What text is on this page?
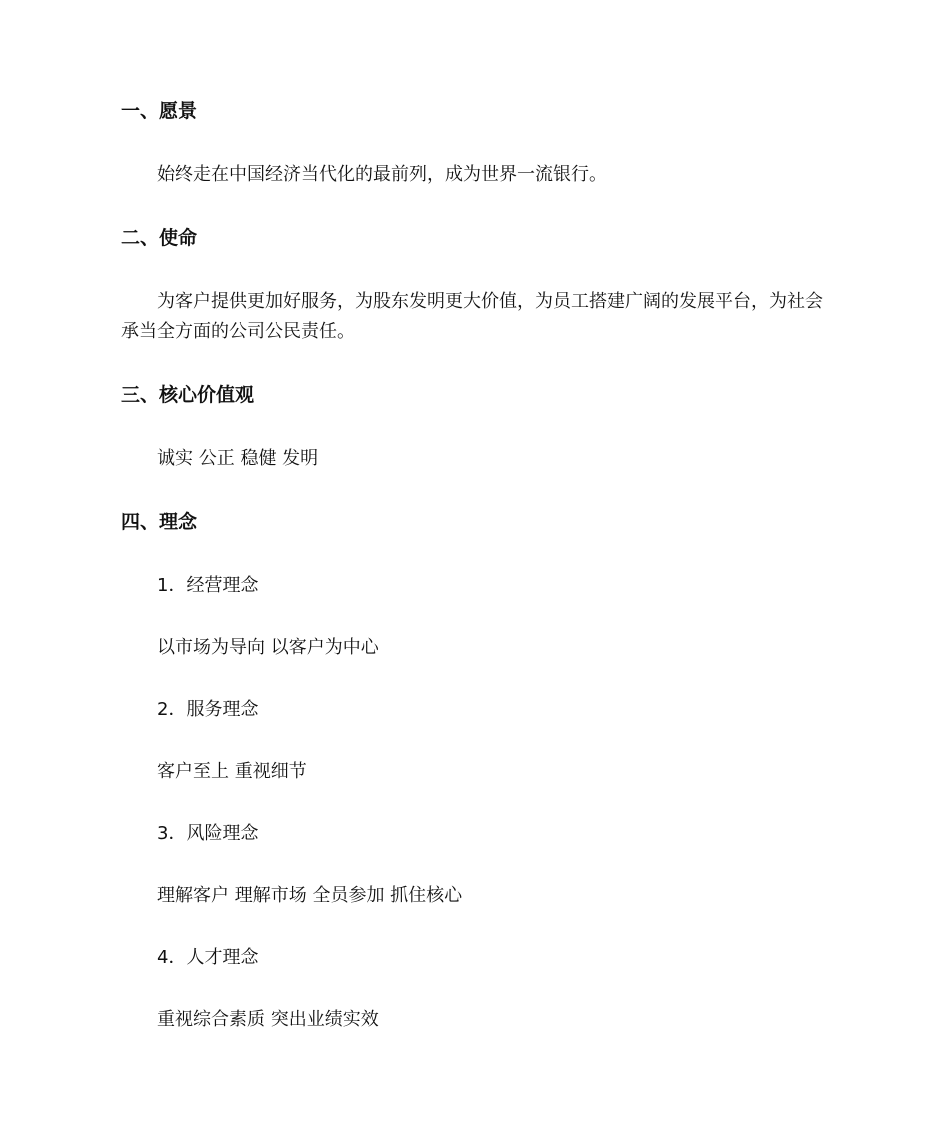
一、愿景
始终走在中国经济当代化的最前列，成为世界一流银行。
二、使命
为客户提供更加好服务，为股东发明更大价值，为员工搭建广阔的发展平台，为社会
承当全方面的公司公民责任。
三、核心价值观
诚实 公正 稳健 发明
四、理念
1．经营理念
以市场为导向 以客户为中心
2．服务理念
客户至上 重视细节
3．风险理念
理解客户 理解市场 全员参加 抓住核心
4．人才理念
重视综合素质 突出业绩实效
